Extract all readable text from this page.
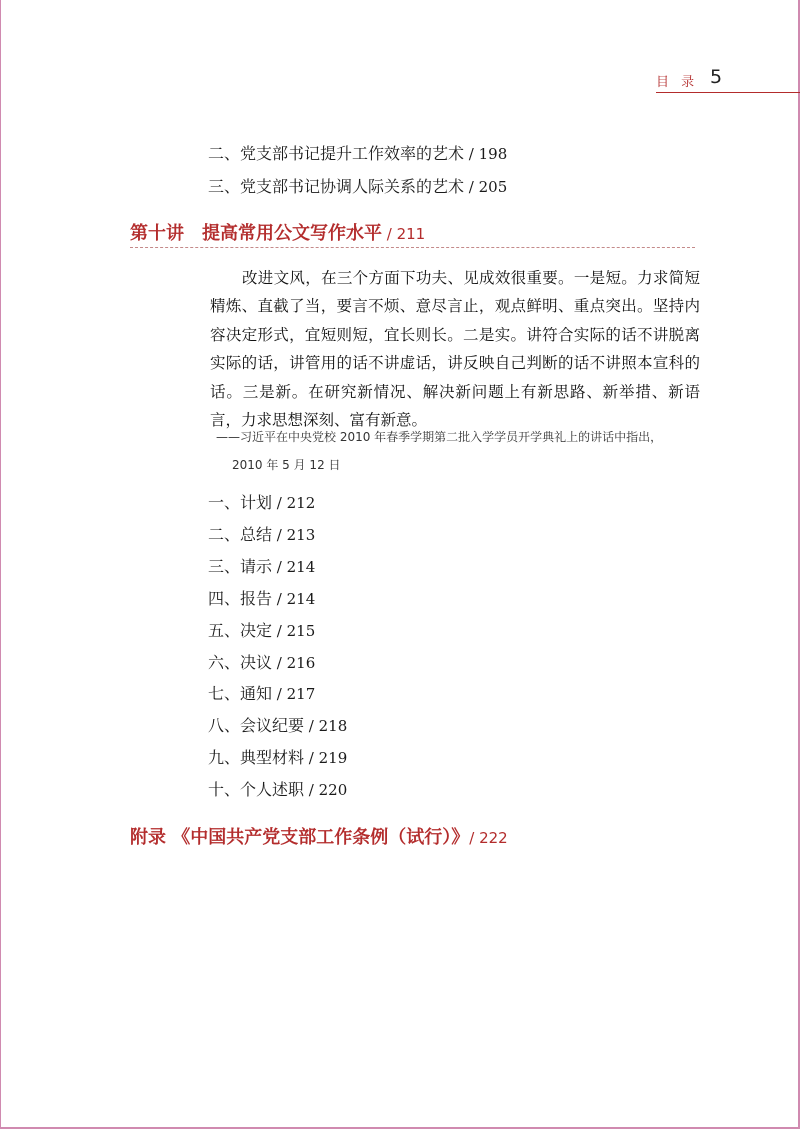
目 录 5
二、党支部书记提升工作效率的艺术 / 198
三、党支部书记协调人际关系的艺术 / 205
第十讲　提高常用公文写作水平 / 211

改进文风，在三个方面下功夫、见成效很重要。一是短。力求简短精炼、直截了当，要言不烦、意尽言止，观点鲜明、重点突出。坚持内容决定形式，宜短则短，宜长则长。二是实。讲符合实际的话不讲脱离实际的话，讲管用的话不讲虚话，讲反映自己判断的话不讲照本宣科的话。三是新。在研究新情况、解决新问题上有新思路、新举措、新语言，力求思想深刻、富有新意。

——习近平在中央党校 2010 年春季学期第二批入学学员开学典礼上的讲话中指出，
2010 年 5 月 12 日
一、计划 / 212
二、总结 / 213
三、请示 / 214
四、报告 / 214
五、决定 / 215
六、决议 / 216
七、通知 / 217
八、会议纪要 / 218
九、典型材料 / 219
十、个人述职 / 220
附录 《中国共产党支部工作条例（试行）》/ 222
